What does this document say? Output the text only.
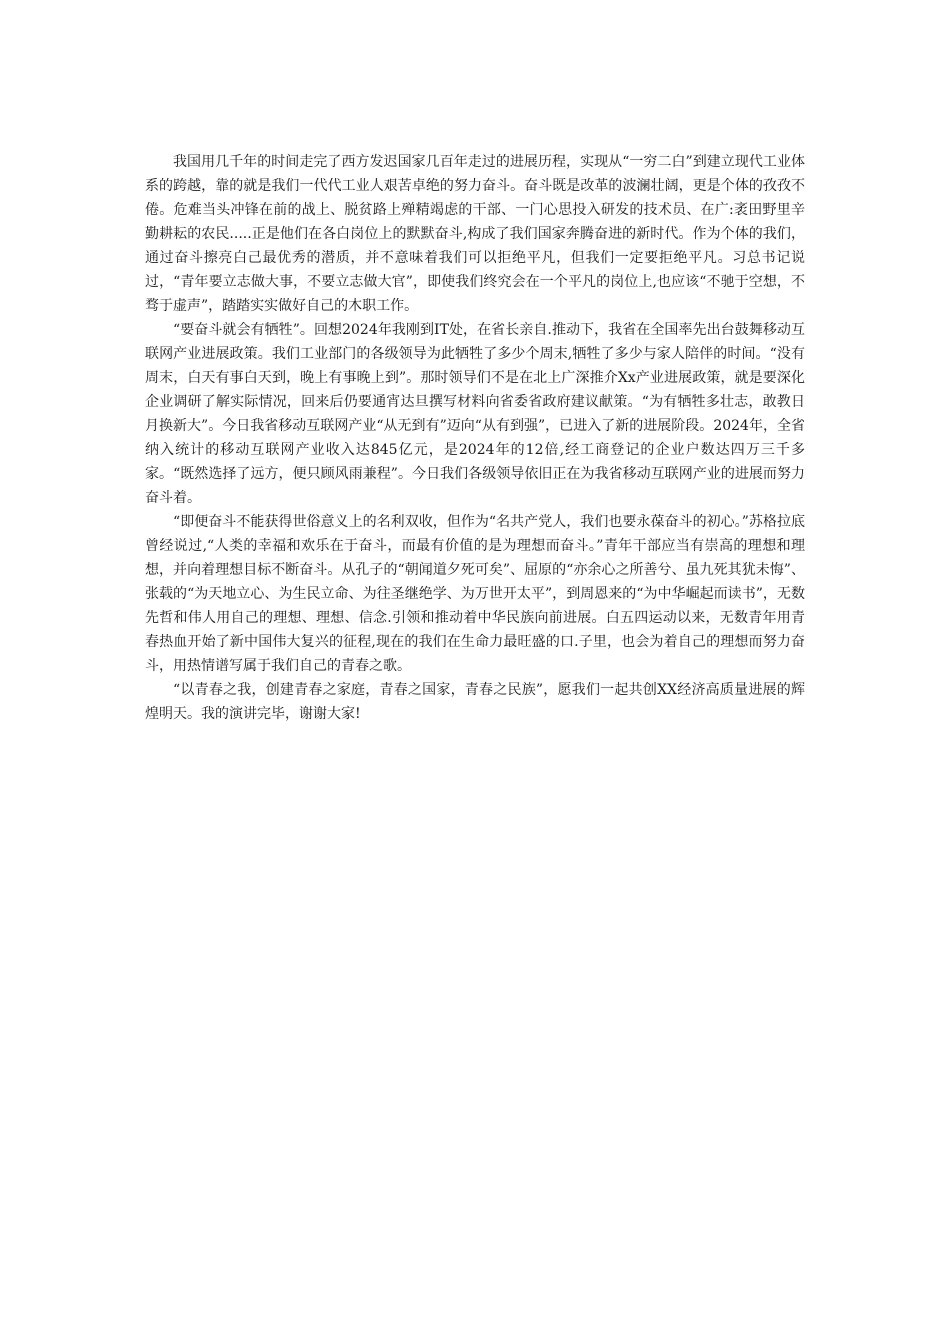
我国用几千年的时间走完了西方发迟国家几百年走过的进展历程，实现从“一穷二白”到建立现代工业体系的跨越，靠的就是我们一代代工业人艰苦卓绝的努力奋斗。奋斗既是改革的波澜壮阔，更是个体的孜孜不倦。危难当头冲锋在前的战上、脱贫路上殚精竭虑的干部、一门心思投入研发的技术员、在广:袤田野里辛勤耕耘的农民.....正是他们在各白岗位上的默默奋斗,构成了我们国家奔腾奋进的新时代。作为个体的我们，通过奋斗擦亮白己最优秀的潜质，并不意味着我们可以拒绝平凡，但我们一定要拒绝平凡。习总书记说过，“青年要立志做大事，不要立志做大官”，即使我们终究会在一个平凡的岗位上,也应该“不驰于空想，不骛于虚声”，踏踏实实做好自己的木职工作。

“要奋斗就会有牺牲”。回想2024年我刚到IT处，在省长亲自.推动下，我省在全国率先出台鼓舞移动互联网产业进展政策。我们工业部门的各级领导为此牺牲了多少个周末,牺牲了多少与家人陪伴的时间。“没有周末，白天有事白天到，晚上有事晚上到”。那时领导们不是在北上广深推介Xx产业进展政策，就是要深化企业调研了解实际情况，回来后仍要通宵达旦撰写材料向省委省政府建议献策。“为有牺牲多壮志，敢教日月换新大”。今日我省移动互联网产业“从无到有”迈向“从有到强”，已进入了新的进展阶段。2024年，全省纳入统计的移动互联网产业收入达845亿元，是2024年的12倍,经工商登记的企业户数达四万三千多家。“既然选择了远方，便只顾风雨兼程”。今日我们各级领导依旧正在为我省移动互联网产业的进展而努力奋斗着。

“即便奋斗不能获得世俗意义上的名利双收，但作为“名共产党人，我们也要永葆奋斗的初心。”苏格拉底曾经说过,“人类的幸福和欢乐在于奋斗，而最有价值的是为理想而奋斗。”青年干部应当有崇高的理想和理想，并向着理想目标不断奋斗。从孔子的“朝闻道夕死可矣”、屈原的“亦余心之所善兮、虽九死其犹未悔”、张载的“为天地立心、为生民立命、为往圣继绝学、为万世开太平”，到周恩来的“为中华崛起而读书”，无数先哲和伟人用自己的理想、理想、信念.引领和推动着中华民族向前进展。白五四运动以来，无数青年用青春热血开始了新中国伟大复兴的征程,现在的我们在生命力最旺盛的口.子里，也会为着自己的理想而努力奋斗，用热情谱写属于我们自己的青春之歌。

“以青春之我，创建青春之家庭，青春之国家，青春之民族”，愿我们一起共创XX经济高质量进展的辉煌明天。我的演讲完毕，谢谢大家!
